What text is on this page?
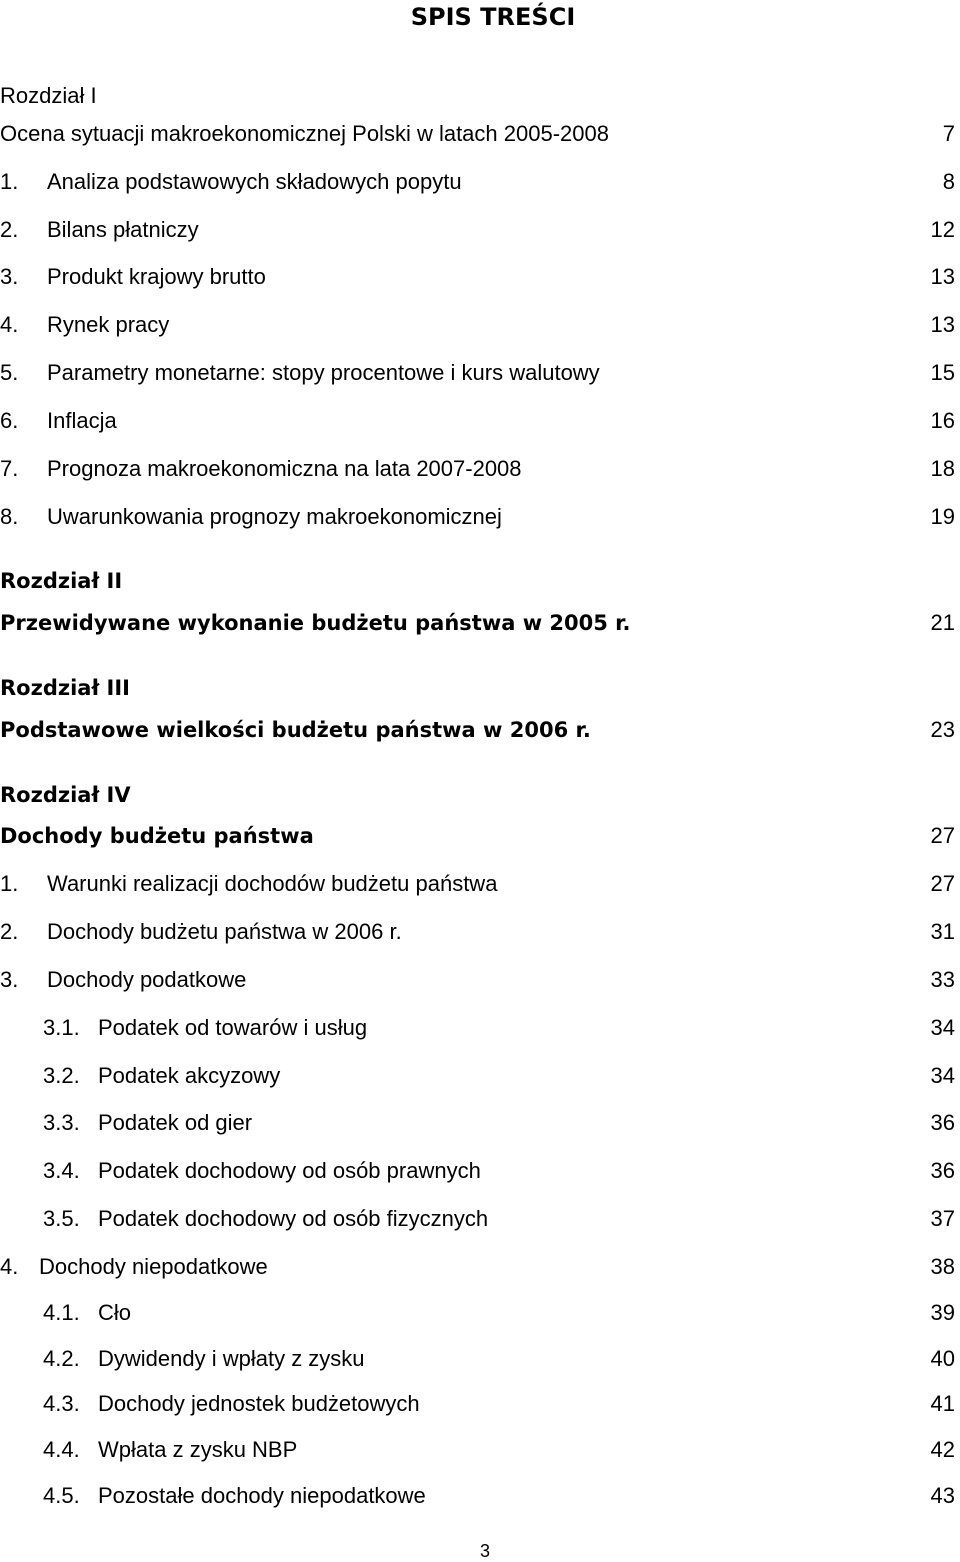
SPIS TREŚCI
Rozdział I
Ocena sytuacji makroekonomicznej Polski w latach 2005-2008	7
1. Analiza podstawowych składowych popytu	8
2. Bilans płatniczy	12
3. Produkt krajowy brutto	13
4. Rynek pracy	13
5. Parametry monetarne: stopy procentowe i kurs walutowy	15
6. Inflacja	16
7. Prognoza makroekonomiczna na lata 2007-2008	18
8. Uwarunkowania prognozy makroekonomicznej	19
Rozdział II
Przewidywane wykonanie budżetu państwa w 2005 r.	21
Rozdział III
Podstawowe wielkości budżetu państwa w 2006 r.	23
Rozdział IV
Dochody budżetu państwa	27
1. Warunki realizacji dochodów budżetu państwa	27
2. Dochody budżetu państwa w 2006 r.	31
3. Dochody podatkowe	33
3.1. Podatek od towarów i usług	34
3.2. Podatek akcyzowy	34
3.3. Podatek od gier	36
3.4. Podatek dochodowy od osób prawnych	36
3.5. Podatek dochodowy od osób fizycznych	37
4. Dochody niepodatkowe	38
4.1. Cło	39
4.2. Dywidendy i wpłaty z zysku	40
4.3. Dochody jednostek budżetowych	41
4.4. Wpłata z zysku NBP	42
4.5. Pozostałe dochody niepodatkowe	43
3
